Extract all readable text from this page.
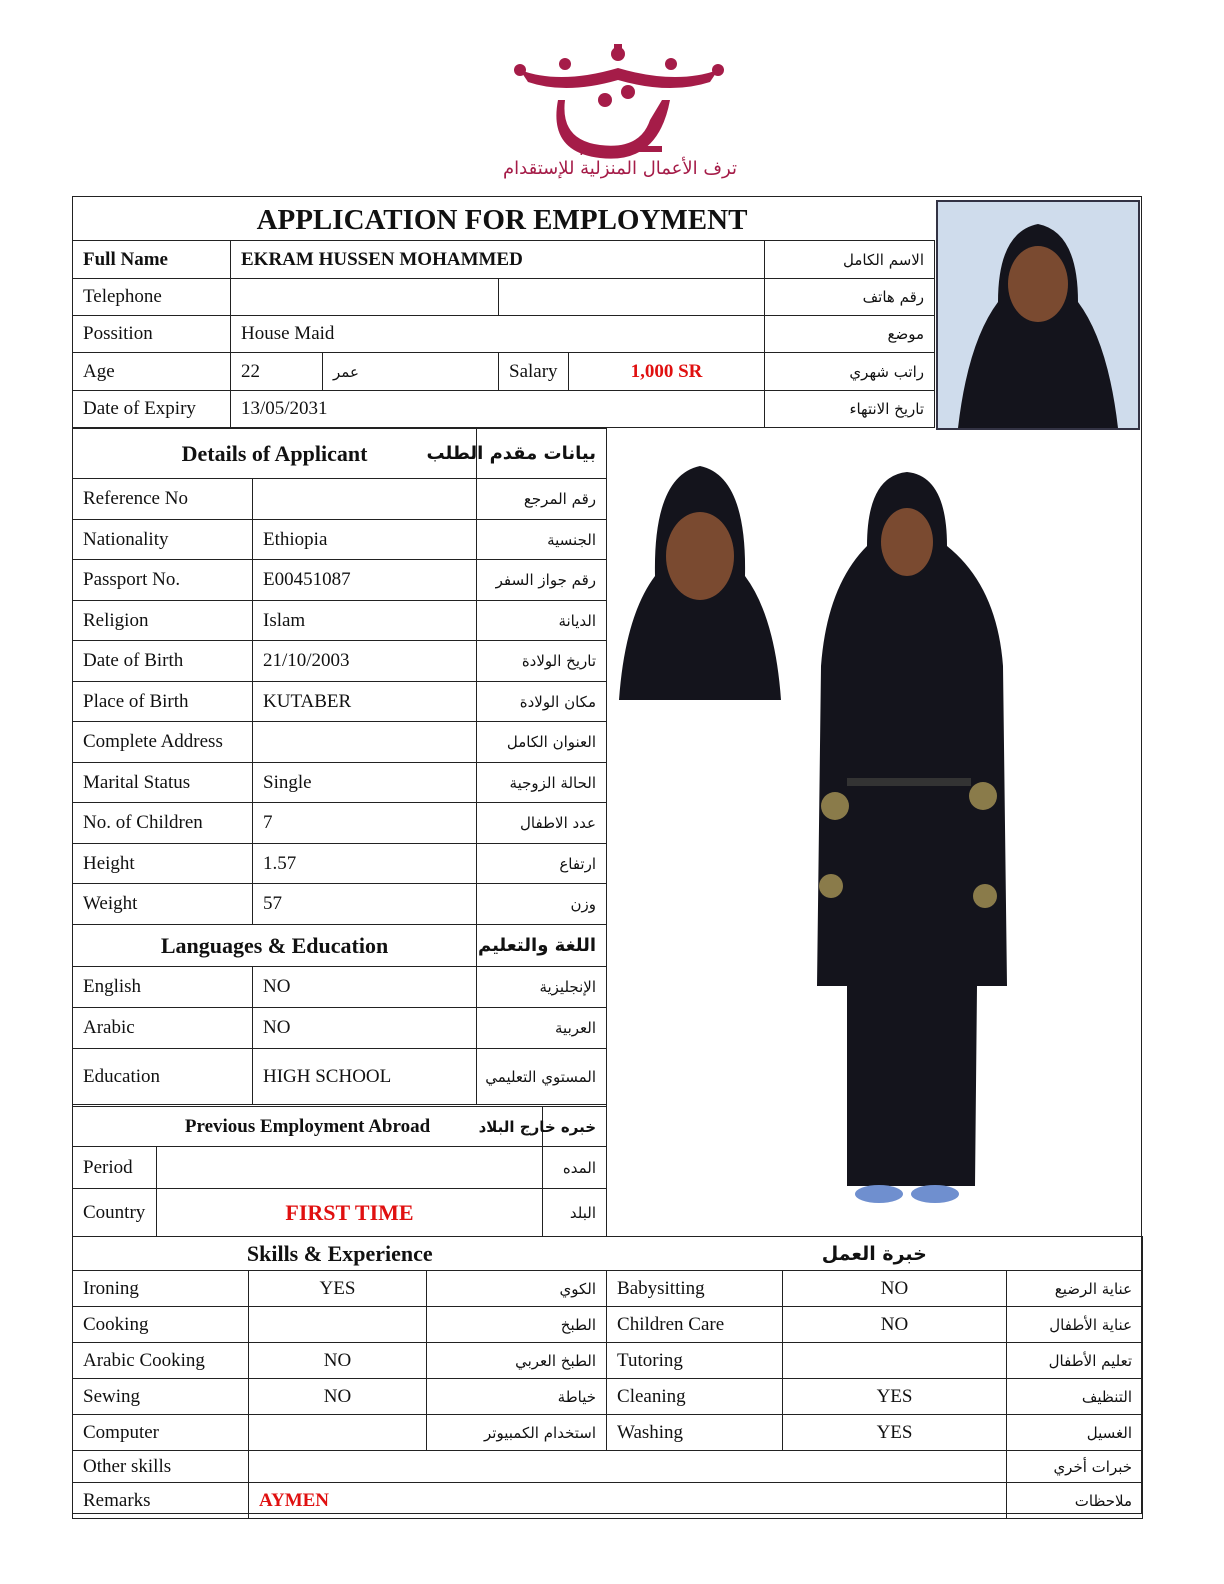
TARAF
ترف الأعمال المنزلية للإستقدام
APPLICATION FOR EMPLOYMENT
Full Name	EKRAM HUSSEN MOHAMMED				الاسم الكامل
Telephone					رقم هاتف
Possition	House Maid				موضع
Age	22	عمر	Salary	1,000 SR	راتب شهري
Date of Expiry	13/05/2031				تاريخ الانتهاء
Details of Applicant		بيانات مقدم الطلب
Reference No		رقم المرجع
Nationality	Ethiopia	الجنسية
Passport No.	E00451087	رقم جواز السفر
Religion	Islam	الديانة
Date of Birth	21/10/2003	تاريخ الولادة
Place of Birth	KUTABER	مكان الولادة
Complete Address		العنوان الكامل
Marital Status	Single	الحالة الزوجية
No. of Children	7	عدد الاطفال
Height	1.57	ارتفاع
Weight	57	وزن
Languages & Education		اللغة والتعليم
English	NO	الإنجليزية
Arabic	NO	العربية
Education	HIGH SCHOOL	المستوي التعليمي
Previous Employment Abroad		خبره خارج البلاد
Period		المده
Country	FIRST TIME	البلد
Skills & Experience			خبرة العمل		
Ironing	YES	الكوي	Babysitting	NO	عناية الرضيع
Cooking		الطبخ	Children Care	NO	عناية الأطفال
Arabic Cooking	NO	الطبخ العربي	Tutoring		تعليم الأطفال
Sewing	NO	خياطة	Cleaning	YES	التنظيف
Computer		استخدام الكمبيوتر	Washing	YES	الغسيل
Other skills					خبرات أخري
Remarks	AYMEN				ملاحظات
